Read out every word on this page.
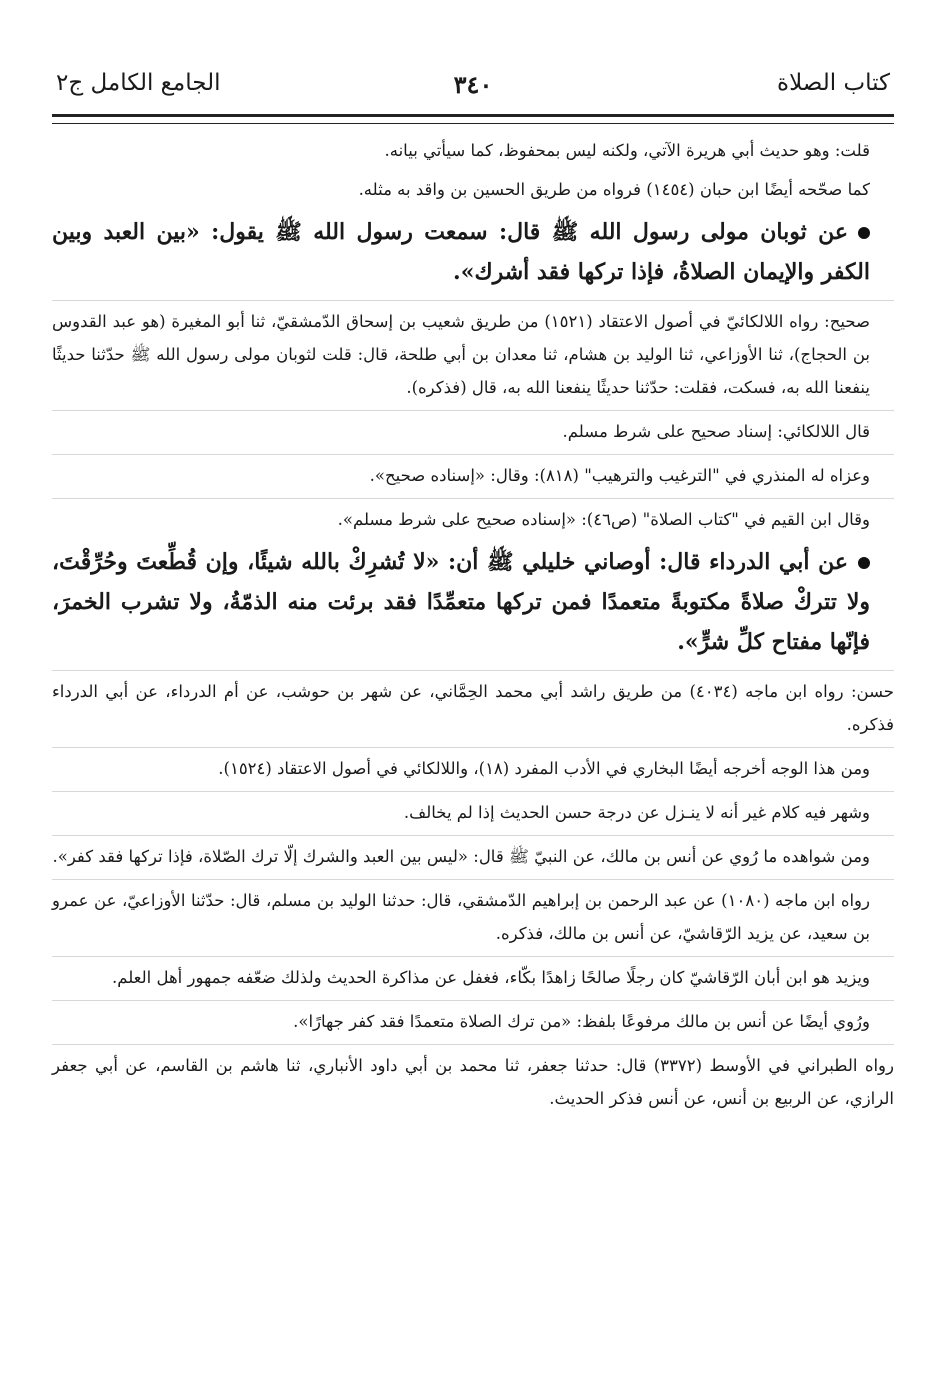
كتاب الصلاة
٣٤٠
الجامع الكامل ج٢

قلت: وهو حديث أبي هريرة الآتي، ولكنه ليس بمحفوظ، كما سيأتي بيانه.

كما صحّحه أيضًا ابن حبان (١٤٥٤) فرواه من طريق الحسين بن واقد به مثله.

عن ثوبان مولى رسول الله ﷺ قال: سمعت رسول الله ﷺ يقول: «بين العبد وبين الكفر والإيمان الصلاةُ، فإذا تركها فقد أشرك».

صحيح: رواه اللالكائيّ في أصول الاعتقاد (١٥٢١) من طريق شعيب بن إسحاق الدّمشقيّ، ثنا أبو المغيرة (هو عبد القدوس بن الحجاج)، ثنا الأوزاعي، ثنا الوليد بن هشام، ثنا معدان بن أبي طلحة، قال: قلت لثوبان مولى رسول الله ﷺ حدّثنا حديثًا ينفعنا الله به، فسكت، فقلت: حدّثنا حديثًا ينفعنا الله به، قال (فذكره).

قال اللالكائي: إسناد صحيح على شرط مسلم.

وعزاه له المنذري في "الترغيب والترهيب" (٨١٨): وقال: «إسناده صحيح».

وقال ابن القيم في "كتاب الصلاة" (ص٤٦): «إسناده صحيح على شرط مسلم».

عن أبي الدرداء قال: أوصاني خليلي ﷺ أن: «لا تُشرِكْ بالله شيئًا، وإن قُطِّعتَ وحُرِّقْتَ، ولا تتركْ صلاةً مكتوبةً متعمدًا فمن تركها متعمِّدًا فقد برئت منه الذمّةُ، ولا تشرب الخمرَ، فإنّها مفتاح كلِّ شرٍّ».

حسن: رواه ابن ماجه (٤٠٣٤) من طريق راشد أبي محمد الحِمَّاني، عن شهر بن حوشب، عن أم الدرداء، عن أبي الدرداء فذكره.

ومن هذا الوجه أخرجه أيضًا البخاري في الأدب المفرد (١٨)، واللالكائي في أصول الاعتقاد (١٥٢٤).

وشهر فيه كلام غير أنه لا ينـزل عن درجة حسن الحديث إذا لم يخالف.

ومن شواهده ما رُوي عن أنس بن مالك، عن النبيّ ﷺ قال: «ليس بين العبد والشرك إلّا ترك الصّلاة، فإذا تركها فقد كفر».

رواه ابن ماجه (١٠٨٠) عن عبد الرحمن بن إبراهيم الدّمشقي، قال: حدثنا الوليد بن مسلم، قال: حدّثنا الأوزاعيّ، عن عمرو بن سعيد، عن يزيد الرّقاشيّ، عن أنس بن مالك، فذكره.

ويزيد هو ابن أبان الرّقاشيّ كان رجلًا صالحًا زاهدًا بكّاء، فغفل عن مذاكرة الحديث ولذلك ضعّفه جمهور أهل العلم.

ورُوي أيضًا عن أنس بن مالك مرفوعًا بلفظ: «من ترك الصلاة متعمدًا فقد كفر جهارًا».

رواه الطبراني في الأوسط (٣٣٧٢) قال: حدثنا جعفر، ثنا محمد بن أبي داود الأنباري، ثنا هاشم بن القاسم، عن أبي جعفر الرازي، عن الربيع بن أنس، عن أنس فذكر الحديث.
